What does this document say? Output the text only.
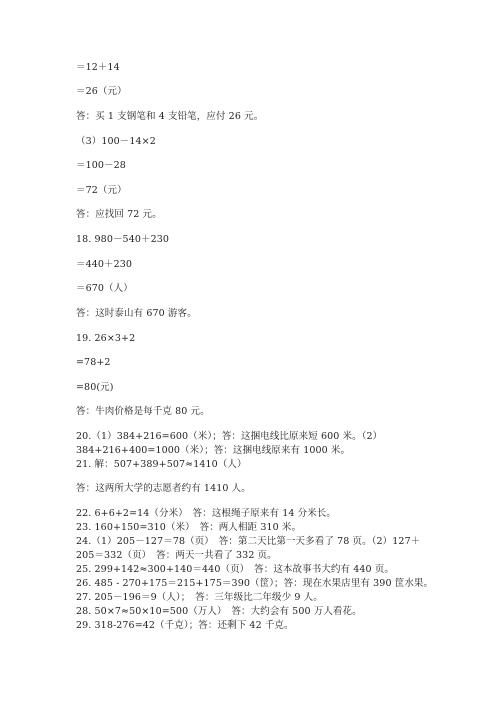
＝12＋14
＝26（元）
答：买 1 支钢笔和 4 支铅笔，应付 26 元。
（3）100－14×2
＝100－28
＝72（元）
答：应找回 72 元。
18. 980－540＋230
＝440＋230
＝670（人）
答：这时泰山有 670 游客。
19. 26×3+2
=78+2
=80(元)
答：牛肉价格是每千克 80 元。
20.（1）384+216=600（米）；答：这捆电线比原来短 600 米。（2）
384+216+400=1000（米）；答：这捆电线原来有 1000 米。
21. 解：507+389+507≈1410（人）
答：这两所大学的志愿者约有 1410 人。
22. 6+6+2=14（分米）　答：这根绳子原来有 14 分米长。
23. 160+150=310（米）　答：两人相距 310 米。
24.（1）205－127＝78（页）　答：第二天比第一天多看了 78 页。（2）127＋
205＝332（页）　答：两天一共看了 332 页。
25. 299+142≈300+140＝440（页）　答：这本故事书大约有 440 页。
26. 485 - 270+175＝215+175＝390（筐）；答：现在水果店里有 390 筐水果。
27. 205－196＝9（人）；　答：三年级比二年级少 9 人。
28. 50×7≈50×10=500（万人）　答：大约会有 500 万人看花。
29. 318-276=42（千克）；答：还剩下 42 千克。
